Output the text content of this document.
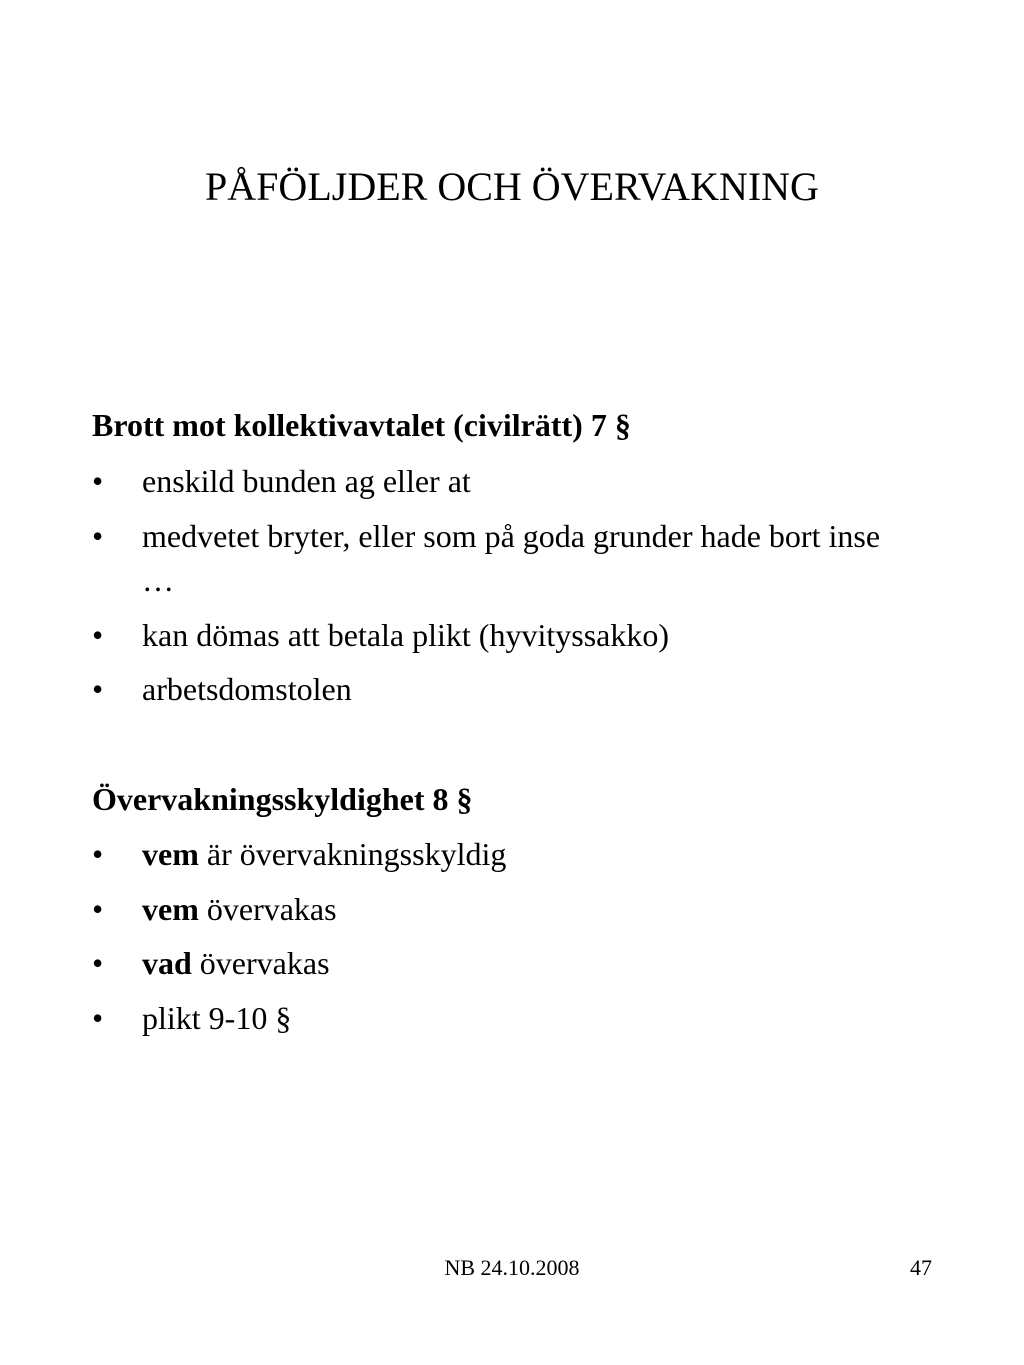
PÅFÖLJDER OCH ÖVERVAKNING

Brott mot kollektivavtalet (civilrätt) 7 §

• enskild bunden ag eller at
• medvetet bryter, eller som på goda grunder hade bort inse …
• kan dömas att betala plikt (hyvityssakko)
• arbetsdomstolen

Övervakningsskyldighet 8 §

• vem är övervakningsskyldig
• vem övervakas
• vad övervakas
• plikt 9-10 §
NB 24.10.2008	47
